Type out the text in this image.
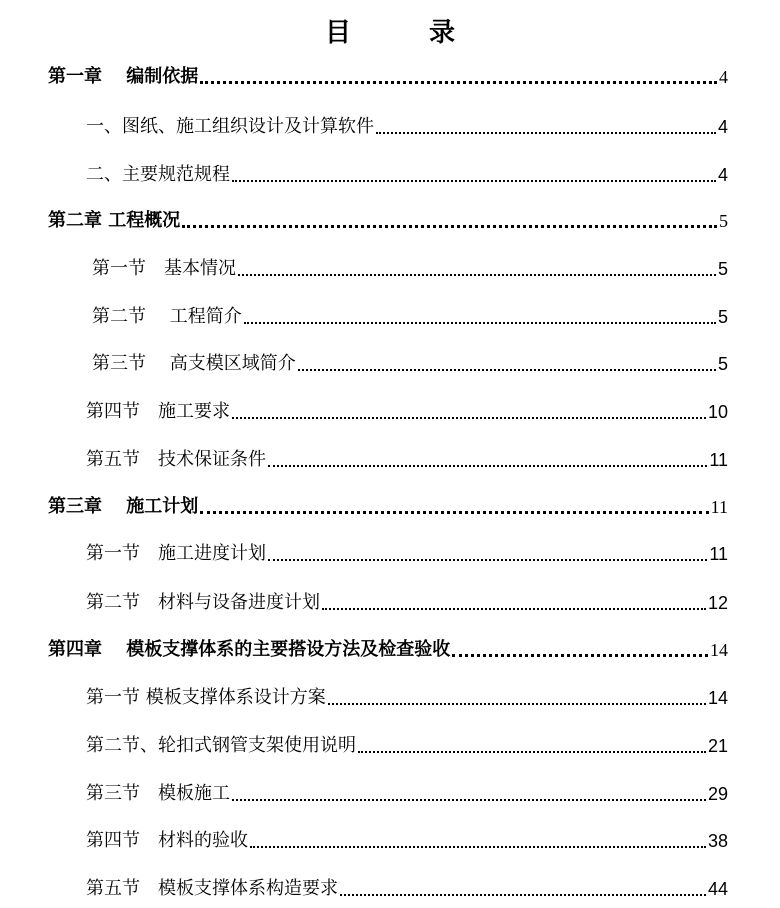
目　录
第一章　 编制依据	4
一、图纸、施工组织设计及计算软件	4
二、主要规范规程	4
第二章 工程概况	5
第一节　基本情况	5
第二节　 工程简介	5
第三节　 高支模区域简介	5
第四节　施工要求	10
第五节　技术保证条件	11
第三章　 施工计划	11
第一节　施工进度计划	11
第二节　材料与设备进度计划	12
第四章　 模板支撑体系的主要搭设方法及检查验收	14
第一节 模板支撑体系设计方案	14
第二节、轮扣式钢管支架使用说明	21
第三节　模板施工	29
第四节　材料的验收	38
第五节　模板支撑体系构造要求	44
